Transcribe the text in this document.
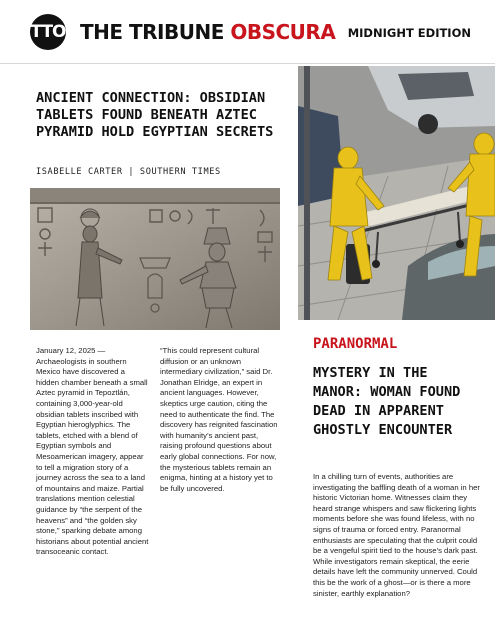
TTO THE TRIBUNE OBSCURA MIDNIGHT EDITION
ANCIENT CONNECTION: OBSIDIAN TABLETS FOUND BENEATH AZTEC PYRAMID HOLD EGYPTIAN SECRETS
ISABELLE CARTER | SOUTHERN TIMES
January 12, 2025 — Archaeologists in southern Mexico have discovered a hidden chamber beneath a small Aztec pyramid in Tepoztlán, containing 3,000-year-old obsidian tablets inscribed with Egyptian hieroglyphics. The tablets, etched with a blend of Egyptian symbols and Mesoamerican imagery, appear to tell a migration story of a journey across the sea to a land of mountains and maize. Partial translations mention celestial guidance by “the serpent of the heavens” and “the golden sky stone,” sparking debate among historians about potential ancient transoceanic contact.
“This could represent cultural diffusion or an unknown intermediary civilization,” said Dr. Jonathan Elridge, an expert in ancient languages. However, skeptics urge caution, citing the need to authenticate the find. The discovery has reignited fascination with humanity’s ancient past, raising profound questions about early global connections. For now, the mysterious tablets remain an enigma, hinting at a history yet to be fully uncovered.
PARANORMAL
MYSTERY IN THE MANOR: WOMAN FOUND DEAD IN APPARENT GHOSTLY ENCOUNTER
In a chilling turn of events, authorities are investigating the baffling death of a woman in her historic Victorian home. Witnesses claim they heard strange whispers and saw flickering lights moments before she was found lifeless, with no signs of trauma or forced entry. Paranormal enthusiasts are speculating that the culprit could be a vengeful spirit tied to the house’s dark past. While investigators remain skeptical, the eerie details have left the community unnerved. Could this be the work of a ghost—or is there a more sinister, earthly explanation?
